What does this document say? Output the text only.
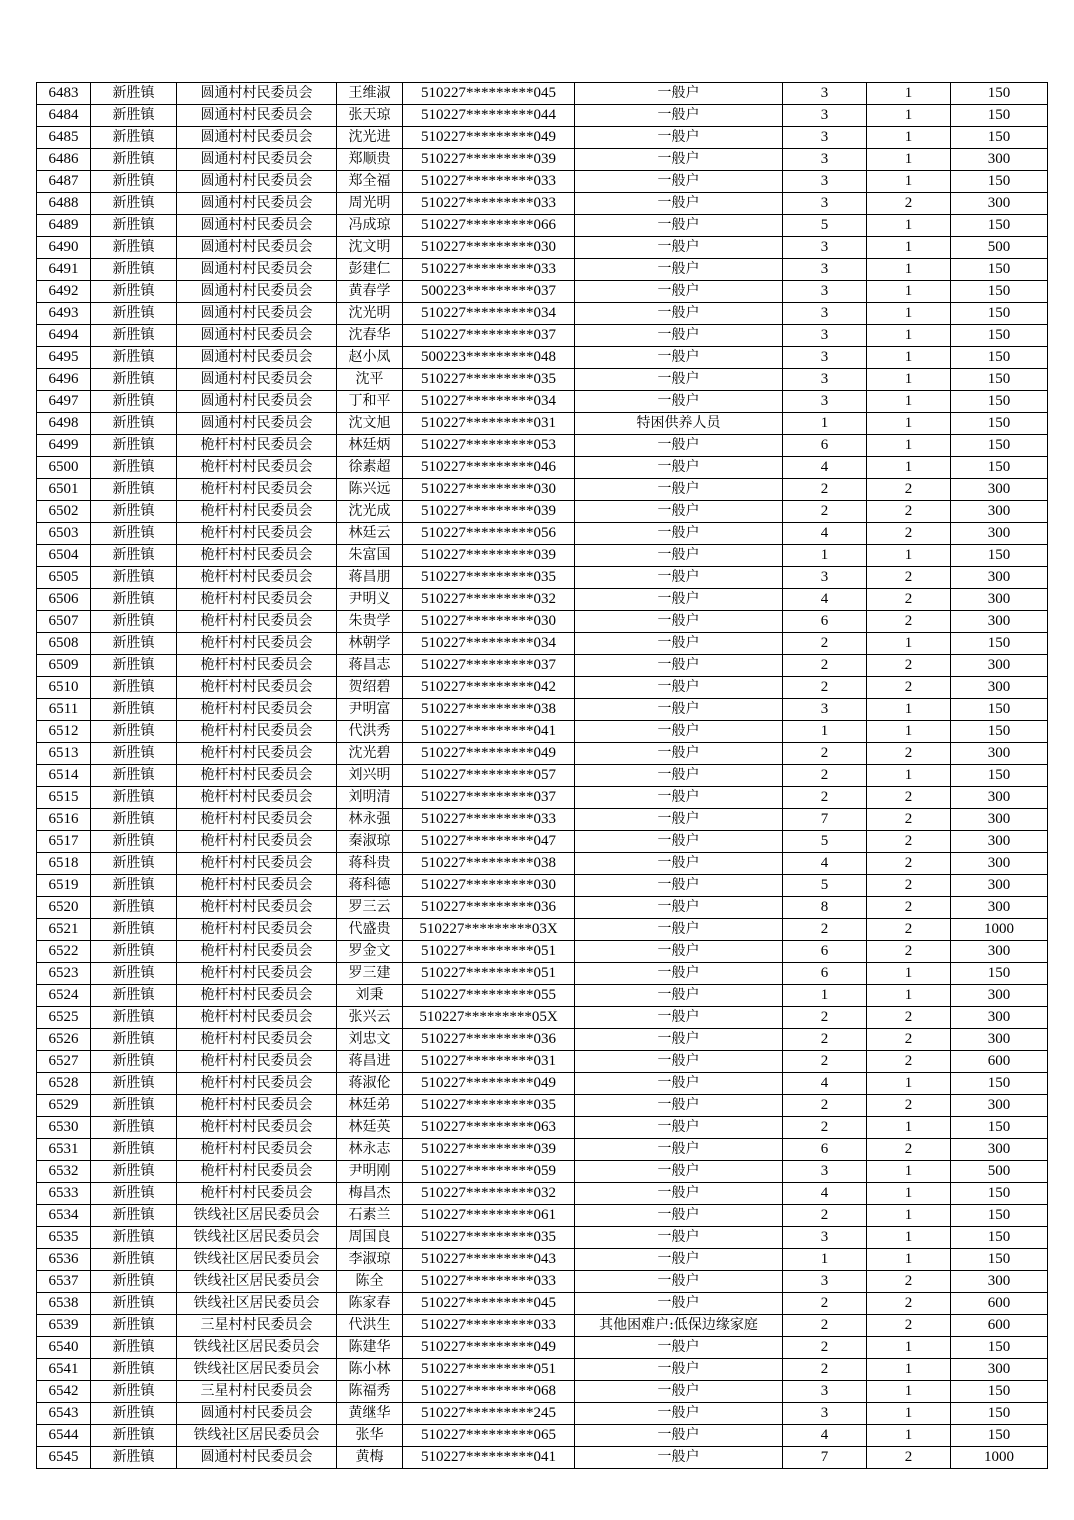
6483	新胜镇	圆通村村民委员会	王维淑	510227*********045	一般户	3	1	150
6484	新胜镇	圆通村村民委员会	张天琼	510227*********044	一般户	3	1	150
6485	新胜镇	圆通村村民委员会	沈光进	510227*********049	一般户	3	1	150
6486	新胜镇	圆通村村民委员会	郑顺贵	510227*********039	一般户	3	1	300
6487	新胜镇	圆通村村民委员会	郑全福	510227*********033	一般户	3	1	150
6488	新胜镇	圆通村村民委员会	周光明	510227*********033	一般户	3	2	300
6489	新胜镇	圆通村村民委员会	冯成琼	510227*********066	一般户	5	1	150
6490	新胜镇	圆通村村民委员会	沈文明	510227*********030	一般户	3	1	500
6491	新胜镇	圆通村村民委员会	彭建仁	510227*********033	一般户	3	1	150
6492	新胜镇	圆通村村民委员会	黄春学	500223*********037	一般户	3	1	150
6493	新胜镇	圆通村村民委员会	沈光明	510227*********034	一般户	3	1	150
6494	新胜镇	圆通村村民委员会	沈春华	510227*********037	一般户	3	1	150
6495	新胜镇	圆通村村民委员会	赵小凤	500223*********048	一般户	3	1	150
6496	新胜镇	圆通村村民委员会	沈平	510227*********035	一般户	3	1	150
6497	新胜镇	圆通村村民委员会	丁和平	510227*********034	一般户	3	1	150
6498	新胜镇	圆通村村民委员会	沈文旭	510227*********031	特困供养人员	1	1	150
6499	新胜镇	桅杆村村民委员会	林廷炳	510227*********053	一般户	6	1	150
6500	新胜镇	桅杆村村民委员会	徐素超	510227*********046	一般户	4	1	150
6501	新胜镇	桅杆村村民委员会	陈兴远	510227*********030	一般户	2	2	300
6502	新胜镇	桅杆村村民委员会	沈光成	510227*********039	一般户	2	2	300
6503	新胜镇	桅杆村村民委员会	林廷云	510227*********056	一般户	4	2	300
6504	新胜镇	桅杆村村民委员会	朱富国	510227*********039	一般户	1	1	150
6505	新胜镇	桅杆村村民委员会	蒋昌朋	510227*********035	一般户	3	2	300
6506	新胜镇	桅杆村村民委员会	尹明义	510227*********032	一般户	4	2	300
6507	新胜镇	桅杆村村民委员会	朱贵学	510227*********030	一般户	6	2	300
6508	新胜镇	桅杆村村民委员会	林朝学	510227*********034	一般户	2	1	150
6509	新胜镇	桅杆村村民委员会	蒋昌志	510227*********037	一般户	2	2	300
6510	新胜镇	桅杆村村民委员会	贺绍碧	510227*********042	一般户	2	2	300
6511	新胜镇	桅杆村村民委员会	尹明富	510227*********038	一般户	3	1	150
6512	新胜镇	桅杆村村民委员会	代洪秀	510227*********041	一般户	1	1	150
6513	新胜镇	桅杆村村民委员会	沈光碧	510227*********049	一般户	2	2	300
6514	新胜镇	桅杆村村民委员会	刘兴明	510227*********057	一般户	2	1	150
6515	新胜镇	桅杆村村民委员会	刘明清	510227*********037	一般户	2	2	300
6516	新胜镇	桅杆村村民委员会	林永强	510227*********033	一般户	7	2	300
6517	新胜镇	桅杆村村民委员会	秦淑琼	510227*********047	一般户	5	2	300
6518	新胜镇	桅杆村村民委员会	蒋科贵	510227*********038	一般户	4	2	300
6519	新胜镇	桅杆村村民委员会	蒋科德	510227*********030	一般户	5	2	300
6520	新胜镇	桅杆村村民委员会	罗三云	510227*********036	一般户	8	2	300
6521	新胜镇	桅杆村村民委员会	代盛贵	510227*********03X	一般户	2	2	1000
6522	新胜镇	桅杆村村民委员会	罗金文	510227*********051	一般户	6	2	300
6523	新胜镇	桅杆村村民委员会	罗三建	510227*********051	一般户	6	1	150
6524	新胜镇	桅杆村村民委员会	刘秉	510227*********055	一般户	1	1	300
6525	新胜镇	桅杆村村民委员会	张兴云	510227*********05X	一般户	2	2	300
6526	新胜镇	桅杆村村民委员会	刘忠文	510227*********036	一般户	2	2	300
6527	新胜镇	桅杆村村民委员会	蒋昌进	510227*********031	一般户	2	2	600
6528	新胜镇	桅杆村村民委员会	蒋淑伦	510227*********049	一般户	4	1	150
6529	新胜镇	桅杆村村民委员会	林廷弟	510227*********035	一般户	2	2	300
6530	新胜镇	桅杆村村民委员会	林廷英	510227*********063	一般户	2	1	150
6531	新胜镇	桅杆村村民委员会	林永志	510227*********039	一般户	6	2	300
6532	新胜镇	桅杆村村民委员会	尹明刚	510227*********059	一般户	3	1	500
6533	新胜镇	桅杆村村民委员会	梅昌杰	510227*********032	一般户	4	1	150
6534	新胜镇	铁线社区居民委员会	石素兰	510227*********061	一般户	2	1	150
6535	新胜镇	铁线社区居民委员会	周国良	510227*********035	一般户	3	1	150
6536	新胜镇	铁线社区居民委员会	李淑琼	510227*********043	一般户	1	1	150
6537	新胜镇	铁线社区居民委员会	陈全	510227*********033	一般户	3	2	300
6538	新胜镇	铁线社区居民委员会	陈家春	510227*********045	一般户	2	2	600
6539	新胜镇	三星村村民委员会	代洪生	510227*********033	其他困难户:低保边缘家庭	2	2	600
6540	新胜镇	铁线社区居民委员会	陈建华	510227*********049	一般户	2	1	150
6541	新胜镇	铁线社区居民委员会	陈小林	510227*********051	一般户	2	1	300
6542	新胜镇	三星村村民委员会	陈福秀	510227*********068	一般户	3	1	150
6543	新胜镇	圆通村村民委员会	黄继华	510227*********245	一般户	3	1	150
6544	新胜镇	铁线社区居民委员会	张华	510227*********065	一般户	4	1	150
6545	新胜镇	圆通村村民委员会	黄梅	510227*********041	一般户	7	2	1000
